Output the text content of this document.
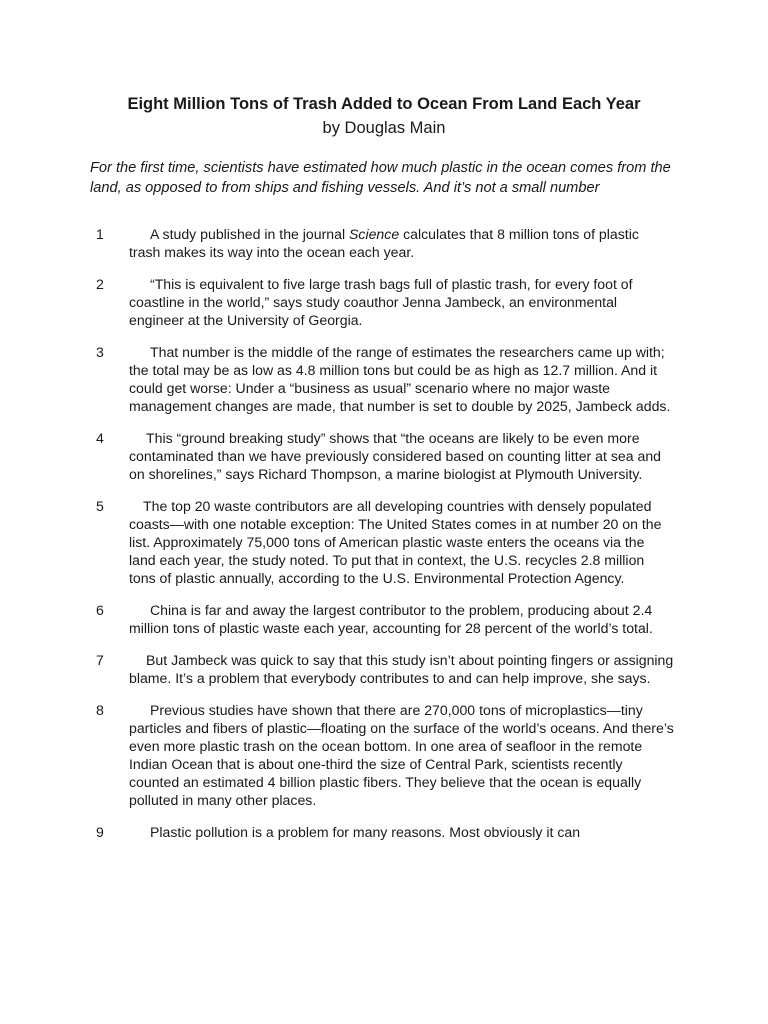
Eight Million Tons of Trash Added to Ocean From Land Each Year
by Douglas Main
For the first time, scientists have estimated how much plastic in the ocean comes from the land, as opposed to from ships and fishing vessels. And it’s not a small number
1	A study published in the journal Science calculates that 8 million tons of plastic trash makes its way into the ocean each year.
2	“This is equivalent to five large trash bags full of plastic trash, for every foot of coastline in the world,” says study coauthor Jenna Jambeck, an environmental engineer at the University of Georgia.
3	That number is the middle of the range of estimates the researchers came up with; the total may be as low as 4.8 million tons but could be as high as 12.7 million. And it could get worse: Under a “business as usual” scenario where no major waste management changes are made, that number is set to double by 2025, Jambeck adds.
4	This “ground breaking study” shows that “the oceans are likely to be even more contaminated than we have previously considered based on counting litter at sea and on shorelines,” says Richard Thompson, a marine biologist at Plymouth University.
5	The top 20 waste contributors are all developing countries with densely populated coasts—with one notable exception: The United States comes in at number 20 on the list. Approximately 75,000 tons of American plastic waste enters the oceans via the land each year, the study noted. To put that in context, the U.S. recycles 2.8 million tons of plastic annually, according to the U.S. Environmental Protection Agency.
6	China is far and away the largest contributor to the problem, producing about 2.4 million tons of plastic waste each year, accounting for 28 percent of the world’s total.
7	But Jambeck was quick to say that this study isn’t about pointing fingers or assigning blame. It’s a problem that everybody contributes to and can help improve, she says.
8	Previous studies have shown that there are 270,000 tons of microplastics—tiny particles and fibers of plastic—floating on the surface of the world’s oceans. And there’s even more plastic trash on the ocean bottom. In one area of seafloor in the remote Indian Ocean that is about one-third the size of Central Park, scientists recently counted an estimated 4 billion plastic fibers. They believe that the ocean is equally polluted in many other places.
9	Plastic pollution is a problem for many reasons. Most obviously it can
